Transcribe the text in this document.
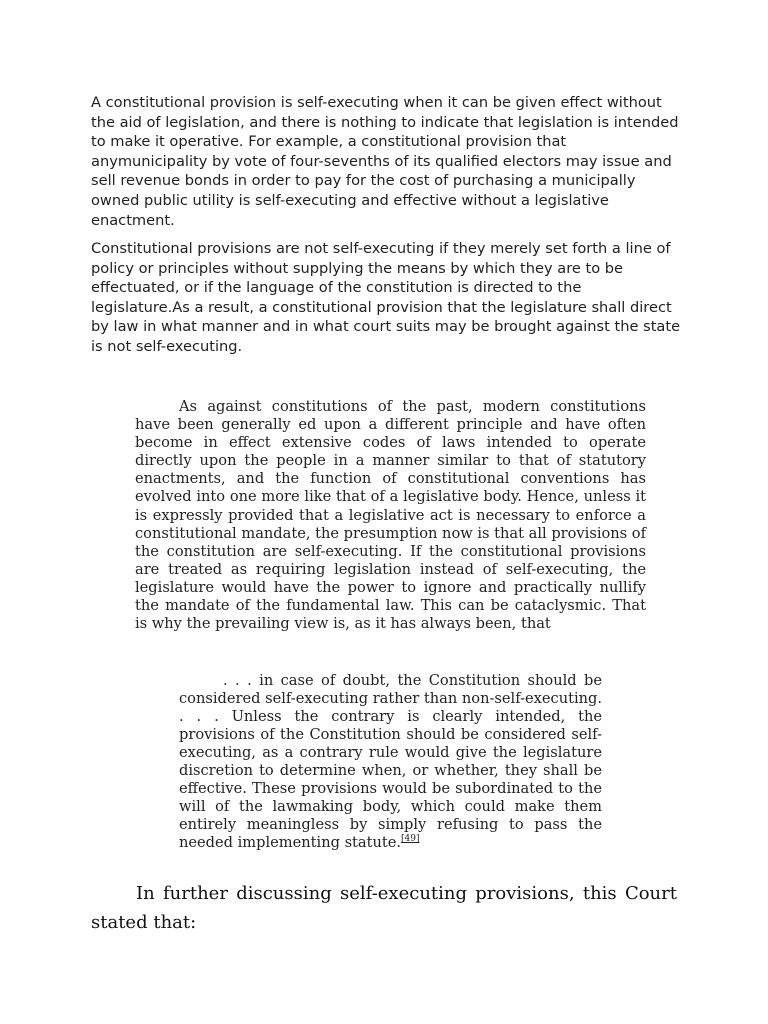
A constitutional provision is self-executing when it can be given effect without the aid of legislation, and there is nothing to indicate that legislation is intended to make it operative. For example, a constitutional provision that anymunicipality by vote of four-sevenths of its qualified electors may issue and sell revenue bonds in order to pay for the cost of purchasing a municipally owned public utility is self-executing and effective without a legislative enactment.

Constitutional provisions are not self-executing if they merely set forth a line of policy or principles without supplying the means by which they are to be effectuated, or if the language of the constitution is directed to the legislature.As a result, a constitutional provision that the legislature shall direct by law in what manner and in what court suits may be brought against the state is not self-executing.

As against constitutions of the past, modern constitutions have been generally ed upon a different principle and have often become in effect extensive codes of laws intended to operate directly upon the people in a manner similar to that of statutory enactments, and the function of constitutional conventions has evolved into one more like that of a legislative body. Hence, unless it is expressly provided that a legislative act is necessary to enforce a constitutional mandate, the presumption now is that all provisions of the constitution are self-executing. If the constitutional provisions are treated as requiring legislation instead of self-executing, the legislature would have the power to ignore and practically nullify the mandate of the fundamental law. This can be cataclysmic. That is why the prevailing view is, as it has always been, that

. . . in case of doubt, the Constitution should be considered self-executing rather than non-self-executing. . . . Unless the contrary is clearly intended, the provisions of the Constitution should be considered self-executing, as a contrary rule would give the legislature discretion to determine when, or whether, they shall be effective. These provisions would be subordinated to the will of the lawmaking body, which could make them entirely meaningless by simply refusing to pass the needed implementing statute.[49]

In further discussing self-executing provisions, this Court stated that:
